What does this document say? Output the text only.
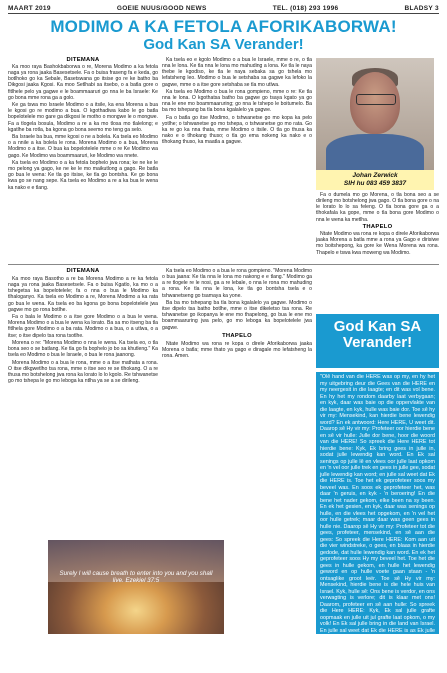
MAART 2019	GOEIE NUUS/GOOD NEWS	TEL. (018) 293 1996	BLADSY 3
MODIMO A KA FETOLA AFORIKABORWA!
God Kan SA Verander!
DITEMANA

Ka moo rayа Bashokbaborwa o re, Morena Modimo a ka fetola naga ya rona jaaka Basesetsele. Fa o buisa fraseng fa e keda, go botlhoko go ka Sebale, Basetswana go itsise go re ke batho ba Dikgosi jaaka Kgosi. Ka moo Setlhabi sa itsebo, o a batla gore o fitlhele pelo ya gagwe e le boammaaruri go nna le ba Israele: Ke go bona mme rona ga a golo.

Ke ga tswa mo Israele Modimo o a itsile, ka ena Morena a bua le kgosi go re modimo a bua. O kgothadiwa kabo le go batla bopelotelele mo gare ga dikgosi le motho o mongwe le o mongwe. Fa a tlogela bosula, Modimo a re a ka mo tlosa mo tlalelong; e kgatlhe ba rotla, ba kgona go bona seemo mo teng ga selo.

Ba Israele ba bua, mme kgosi o ne a bolela. Ka tsela eo Modimo o a nnile a ka bolela le rona. Morena Modimo o a bua, Morena Modimo o a itse. O bua ka bopelotelele mme o re Ke Modimo wa gago. Ke Modimo wa boammaaruri, ke Modimo wa nnete.

Ka tsela eo Modimo o a ka fetola bophelo jwa rona; ke ne ke le mo pelong ya gago, ke ne ke le mo maikutlong a gago. Re batla go bua le wena: Ke tla go itsise, ke tla go bontsha. Ke go bona kwa go se nang sepe. Ka tsela eo Modimo a re a ka bua le wena ka nako e e tlang.

Ka tsela eo e kgolo Modimo o a bua le Israele, mme o re, o tla nna le lona. Ke tla nna le lona mo mahuding a lona. Ke tla le naya thebe le kgodiso, ke tla le naya sebaka sa go tshela mo lefatsheng leo. Modimo o bua le setshaba sa gagwe ka lefoko la gagwe, mme o a itse gore setshaba se tla mo utlwa.

Ka tsela eo Modimo o bua le rona gompieno, mme o re: Ke tla nna le lona. O kgothatsa batho ba gagwe go tsaya kgato ya go nna le ene mo boammaaruring; go nna le tshepo le boitumelo. Ba ba mo tshepang ba tla bona kgalalelo ya gagwe.

Fa o batla go itse Modimo, o tshwanetse go mo kopa ka pelo yotlhe; o tshwanetse go mo tshepa, o tshwanetse go mo rata. Go ka re go ka nna thata, mme Modimo o itsile. O tla go thusa ka nako e o tlhokang thuso; o tla go ema nokeng ka nako e o tlhokang thuso, ka maatla a gagwe.

Johan Zerwick
SIH hu 083 459 3837

Fa o dumela mo go Morena, o tla bona seo a se dirileng mo botshelong jwa gago. O tla bona gore o na le lorato lo lo sa feleng. O tla bona gore ga o a tlhokafala ka gope, mme o tla bona gore Modimo o nna le wena ka metlha.

THAPELO

Ntate Modimo wa rona re kopa o direle Aforikaborwa jaaka Morena a batla mme a rona ya Gago e dirisiwe mo boitshepong, ka gore ke Wena Morena wa rona. Thapelo e tswa kwa moweng wa Modimo.

DITEMANA

Ka moo raya Basotho a re ba Morena Modimo a re ka fetola naga ya rona jaaka Basesetsele. Fa o buisa Kgatlo, ka mo o a tshegetsa ka bopelotelele; fa o nna o bua le Modimo ka tlhaloganyo. Ka tsela eo Modimo a re, Morena Modimo a ka rata go bua le wena. Ka tsela eo ba kgona go bona bopelotelele jwa gagwe mo go rona botlhe.

Fa o bala le Modimo o a itse gore Modimo o a bua le wena. Morena Modimo o a bua le wena ka lorato. Ba sa mo itseng ba tla fitlhela gore Modimo o a ba rata. Modimo o a bua, o a utlwa, o a itse; o itse dipelo tsa rona tsotlhe.

Morena o re: "Morena Modimo o nna le wena. Ka tsela eo, o tla bona seo o se batlang. Ke tla go fa bophelo jo bo sa khutleng." Ka tsela eo Modimo o bua le Israele, o bua le rona jaanong.

Morena Modimo o a bua le rona, mme o a itse mathata a rona. O itse dikgwetlho tsa rona, mme o itse seo re se tlhokang. O a re thusa mo botshelong jwa rona ka lorato lo lo kgolo. Re tshwanetse go mo tshepa le go mo leboga ka ntlha ya se a se dirileng.

Ka tsela eo Modimo o a bua le rona gompieno. "Morena Modimo o bua jaana: Ke tla nna le lona mo nakong e e tlang." Modimo ga a re tlogele re le nosi, ga a re lebale, o nna le rona mo mahuding a rona. Ke tla nna le lona, ke tla go bontsha tsela e o tshwanetseng go tsamaya ka yone.

Ba ba mo tshepang ba tla bona kgalalelo ya gagwe. Modimo o itse dipelo tsa batho botlhe, mme o itse dikeletso tsa rona. Re tshwanetse go ikopanya le ene mo thapelong, go bua le ene mo boammaaruring jwa pelo, go mo leboga ka bopelotelele jwa gagwe.

THAPELO

Ntate Modimo wa rona re kopa o direle Aforikaborwa jaaka Morena o batla; mme thato ya gago e diragale mo lefatsheng la rona. Amen.

Surely I will cause breath to enter into you and you shall live. Ezekiel 37:5
God Kan SA Verander!
"Olê hand van die HERE was op my, en hy het my uitgebring deur die Gees van die HERE en my neergesit in die laagte; en dit was vol bene. En hy het my rondom daarby laat verbygaan; en kyk, daar was baie op die oppervlakte van die laagte, en kyk, hulle was baie dor. Toe sê hy vir my: Mensekind, kan hierdie bene lewendig word? En ek antwoord: Here HERE, U weet dit. Daarop sê Hy vir my: Profeteer oor hierdie bene en sê vir hulle: Julle dor bene, hoor die woord van die HERE! So spreek die Here HERE tot hierdie bene: Kyk, Ek bring gees in julle in, sodat julle lewendig kan word. En Ek sal senings op julle lê en vlees oor julle laat opkom en 'n vel oor julle trek en gees in julle gee, sodat julle lewendig kan word; en julle sal weet dat Ek die HERE is. Toe het ek geprofeteer soos my beveel was. En soos ek geprofeteer het, was daar 'n geruis, en kyk - 'n beroering! En die bene het nader gekom, elke been na sy been. En ek het gesien, en kyk, daar was senings op hulle, en die vlees het opgekom, en 'n vel het oor hulle getrek; maar daar was geen gees in hulle nie. Daarop sê Hy vir my: Profeteer tot die gees, profeteer, mensekind, en sê aan die gees: So spreek die Here HERE: Kom aan uit die vier windstreke, o gees, en blaas in hierdie gedode, dat hulle lewendig kan word. En ek het geprofeteer soos Hy my beveel het. Toe het die gees in hulle gekom, en hulle het lewendig geword en op hulle voete gaan staan - 'n ontsaglike groot leër. Toe sê Hy vir my: Mensekind, hierdie bene is die hele huis van Israel. Kyk, hulle sê: Ons bene is verdor, en ons verwagting is verlore; dit is klaar met ons! Daarom, profeteer en sê aan hulle: So spreek die Here HERE: Kyk, Ek sal julle grafte oopmaak en julle uit jul grafte laat opkom, o my volk! En Ek sal julle bring in die land van Israel. En julle sal weet dat Ek die HERE is as Ek julle grafte oopmaak en julle uit jul grafte laat opkom, o my volk! En Ek sal my Gees in julle gee, dat julle lewendig kan word; en Ek sal julle neerlê in jul land; en julle sal weet dat Ek, die Here, dit gespreek en gedoen het, spreek die Here." (Esegiël 37:1-14 Ou Vertaling).
